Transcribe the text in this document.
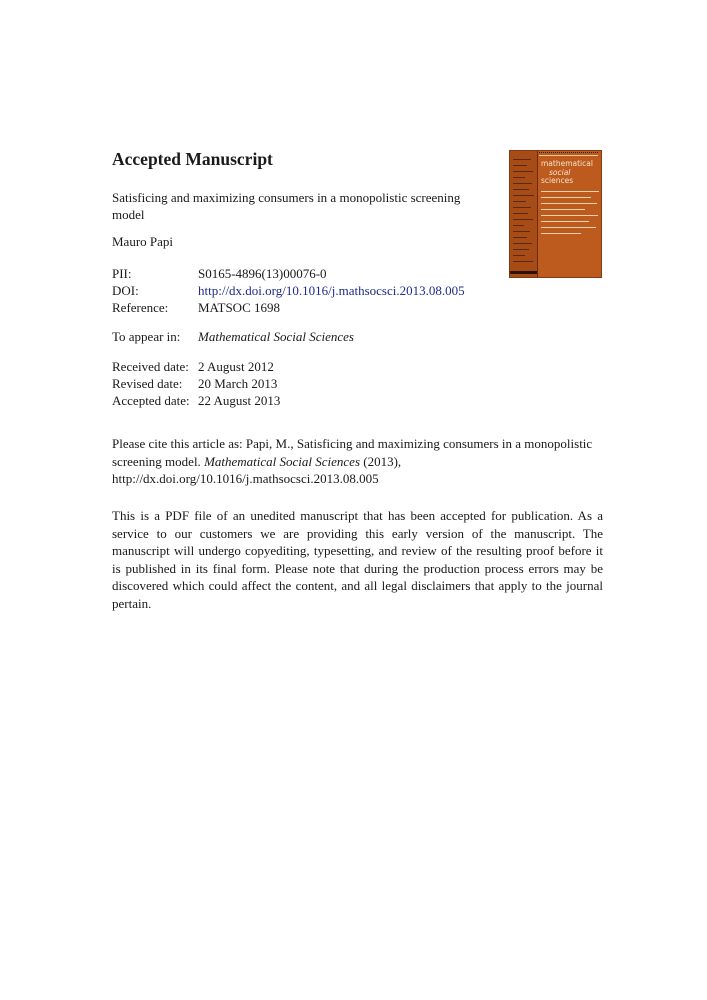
Accepted Manuscript
Satisficing and maximizing consumers in a monopolistic screening model
Mauro Papi
PII:	S0165-4896(13)00076-0
DOI:	http://dx.doi.org/10.1016/j.mathsocsci.2013.08.005
Reference: MATSOC 1698
To appear in: Mathematical Social Sciences
Received date: 2 August 2012
Revised date: 20 March 2013
Accepted date: 22 August 2013
Please cite this article as: Papi, M., Satisficing and maximizing consumers in a monopolistic screening model. Mathematical Social Sciences (2013), http://dx.doi.org/10.1016/j.mathsocsci.2013.08.005
This is a PDF file of an unedited manuscript that has been accepted for publication. As a service to our customers we are providing this early version of the manuscript. The manuscript will undergo copyediting, typesetting, and review of the resulting proof before it is published in its final form. Please note that during the production process errors may be discovered which could affect the content, and all legal disclaimers that apply to the journal pertain.
mathematical
social
sciences
